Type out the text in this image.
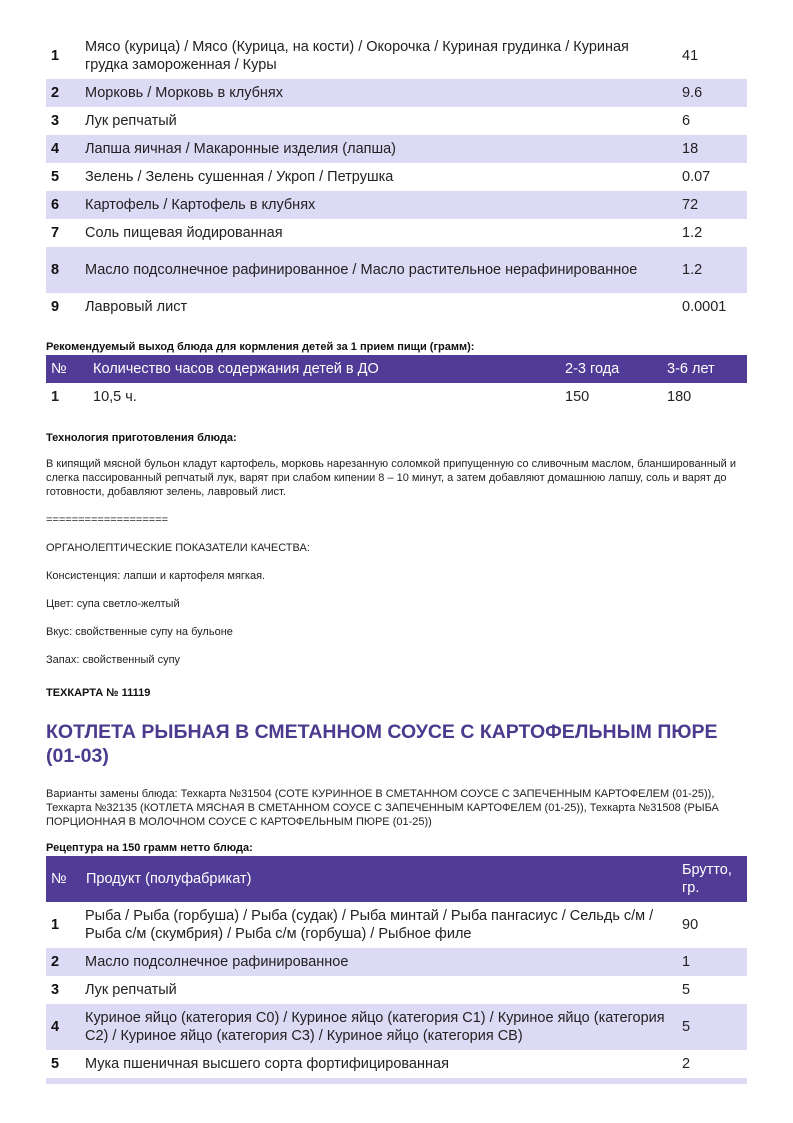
1	Мясо (курица) / Мясо (Курица, на кости) / Окорочка / Куриная грудинка / Куриная грудка замороженная / Куры	41
2	Морковь / Морковь в клубнях	9.6
3	Лук репчатый	6
4	Лапша яичная / Макаронные изделия (лапша)	18
5	Зелень / Зелень сушенная / Укроп / Петрушка	0.07
6	Картофель / Картофель в клубнях	72
7	Соль пищевая йодированная	1.2
8	Масло подсолнечное рафинированное / Масло растительное нерафинированное	1.2
9	Лавровый лист	0.0001
Рекомендуемый выход блюда для кормления детей за 1 прием пищи (грамм):
№	Количество часов содержания детей в ДО	2-3 года	3-6 лет
1	10,5 ч.	150	180
Технология приготовления блюда:
В кипящий мясной бульон кладут картофель, морковь нарезанную соломкой припущенную со сливочным маслом, бланшированный и слегка пассированный репчатый лук, варят при слабом кипении 8 – 10 минут, а затем добавляют домашнюю лапшу, соль и варят до готовности, добавляют зелень, лавровый лист.
===================
ОРГАНОЛЕПТИЧЕСКИЕ ПОКАЗАТЕЛИ КАЧЕСТВА:
Консистенция: лапши и картофеля мягкая.
Цвет: супа светло-желтый
Вкус: свойственные супу на бульоне
Запах: свойственный супу
ТЕХКАРТА № 11119
КОТЛЕТА РЫБНАЯ В СМЕТАННОМ СОУСЕ С КАРТОФЕЛЬНЫМ ПЮРЕ (01-03)
Варианты замены блюда: Техкарта №31504 (СОТЕ КУРИННОЕ В СМЕТАННОМ СОУСЕ С ЗАПЕЧЕННЫМ КАРТОФЕЛЕМ (01-25)), Техкарта №32135 (КОТЛЕТА МЯСНАЯ В СМЕТАННОМ СОУСЕ С ЗАПЕЧЕННЫМ КАРТОФЕЛЕМ (01-25)), Техкарта №31508 (РЫБА ПОРЦИОННАЯ В МОЛОЧНОМ СОУСЕ С КАРТОФЕЛЬНЫМ ПЮРЕ (01-25))
Рецептура на 150 грамм нетто блюда:
№	Продукт (полуфабрикат)	Брутто, гр.
1	Рыба / Рыба (горбуша) / Рыба (судак) / Рыба минтай / Рыба пангасиус / Сельдь с/м / Рыба с/м (скумбрия) / Рыба с/м (горбуша) / Рыбное филе	90
2	Масло подсолнечное рафинированное	1
3	Лук репчатый	5
4	Куриное яйцо (категория С0) / Куриное яйцо (категория С1) / Куриное яйцо (категория С2) / Куриное яйцо (категория С3) / Куриное яйцо (категория СВ)	5
5	Мука пшеничная высшего сорта фортифицированная	2
